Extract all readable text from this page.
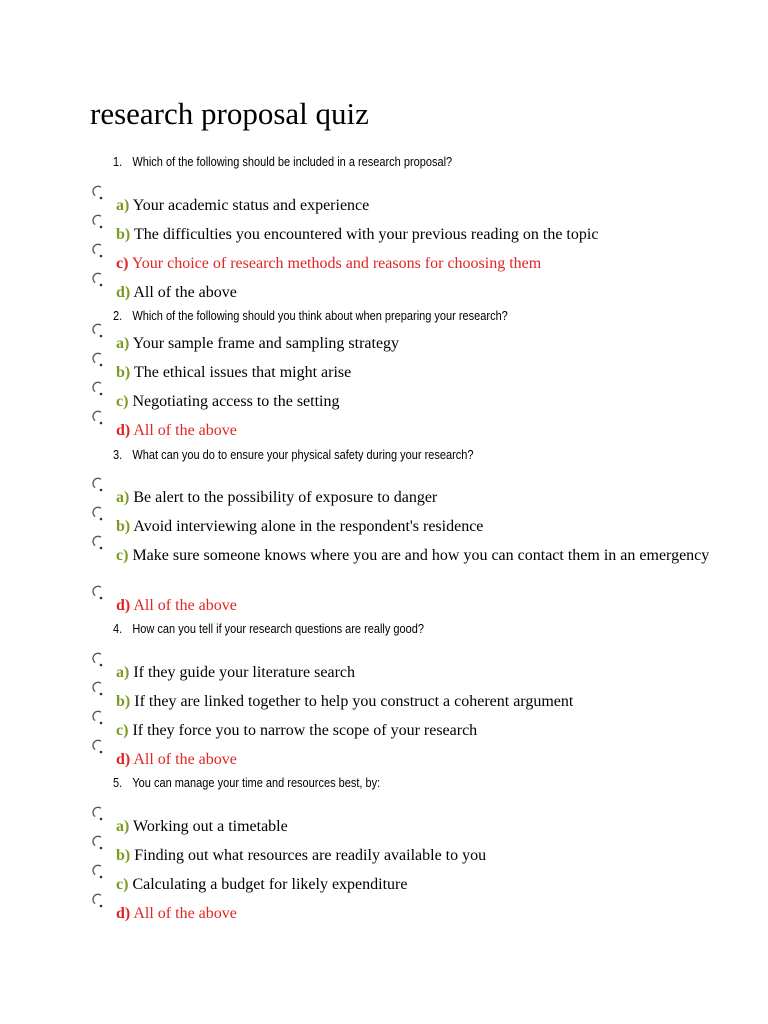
research proposal quiz
1. Which of the following should be included in a research proposal?
a) Your academic status and experience
b) The difficulties you encountered with your previous reading on the topic
c) Your choice of research methods and reasons for choosing them
d) All of the above
2. Which of the following should you think about when preparing your research?
a) Your sample frame and sampling strategy
b) The ethical issues that might arise
c) Negotiating access to the setting
d) All of the above
3. What can you do to ensure your physical safety during your research?
a) Be alert to the possibility of exposure to danger
b) Avoid interviewing alone in the respondent's residence
c) Make sure someone knows where you are and how you can contact them in an emergency
d) All of the above
4. How can you tell if your research questions are really good?
a) If they guide your literature search
b) If they are linked together to help you construct a coherent argument
c) If they force you to narrow the scope of your research
d) All of the above
5. You can manage your time and resources best, by:
a) Working out a timetable
b) Finding out what resources are readily available to you
c) Calculating a budget for likely expenditure
d) All of the above
